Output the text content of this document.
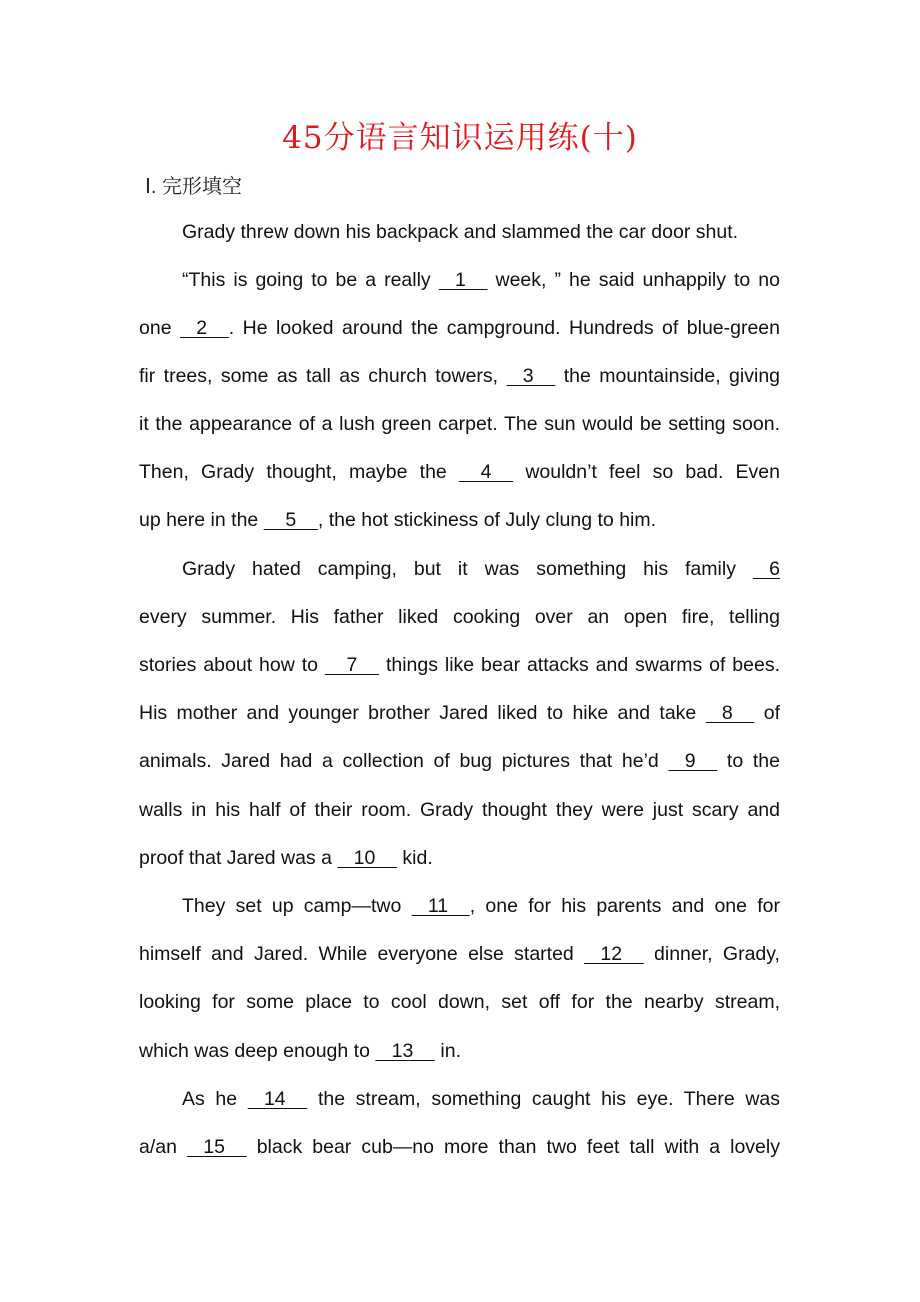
45分语言知识运用练(十)
Ⅰ. 完形填空
Grady threw down his backpack and slammed the car door shut.
“This is going to be a really    1     week, ” he said unhappily to no
one    2    . He looked around the campground. Hundreds of blue-green
fir trees, some as tall as church towers,    3     the mountainside, giving
it the appearance of a lush green carpet. The sun would be setting soon.
Then, Grady thought, maybe the     4     wouldn’t feel so bad. Even
up here in the     5    , the hot stickiness of July clung to him.
Grady hated camping, but it was something his family    6
every summer. His father liked cooking over an open fire, telling
stories about how to     7     things like bear attacks and swarms of bees.
His mother and younger brother Jared liked to hike and take    8     of
animals. Jared had a collection of bug pictures that he’d    9     to the
walls in his half of their room. Grady thought they were just scary and
proof that Jared was a    10     kid.
They set up camp—two    11    , one for his parents and one for
himself and Jared. While everyone else started    12     dinner, Grady,
looking for some place to cool down, set off for the nearby stream,
which was deep enough to    13     in.
As he    14     the stream, something caught his eye. There was
a/an    15     black bear cub—no more than two feet tall with a lovely
